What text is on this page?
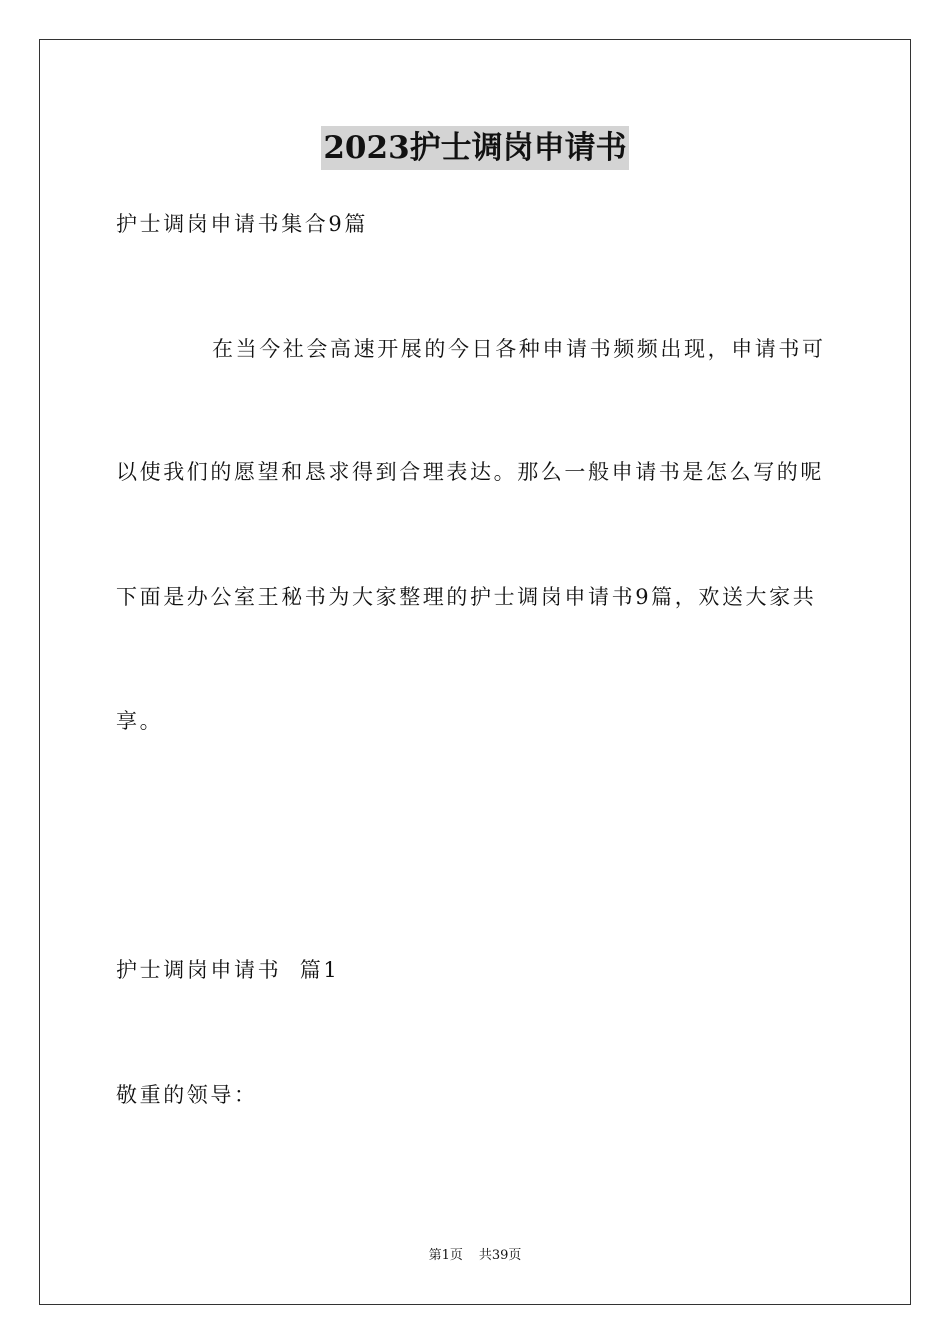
2023护士调岗申请书
护士调岗申请书集合9篇
在当今社会高速开展的今日各种申请书频频出现，申请书可
以使我们的愿望和恳求得到合理表达。那么一般申请书是怎么写的呢
下面是办公室王秘书为大家整理的护士调岗申请书9篇，欢送大家共
享。
护士调岗申请书  篇1
敬重的领导：
第1页 共39页
